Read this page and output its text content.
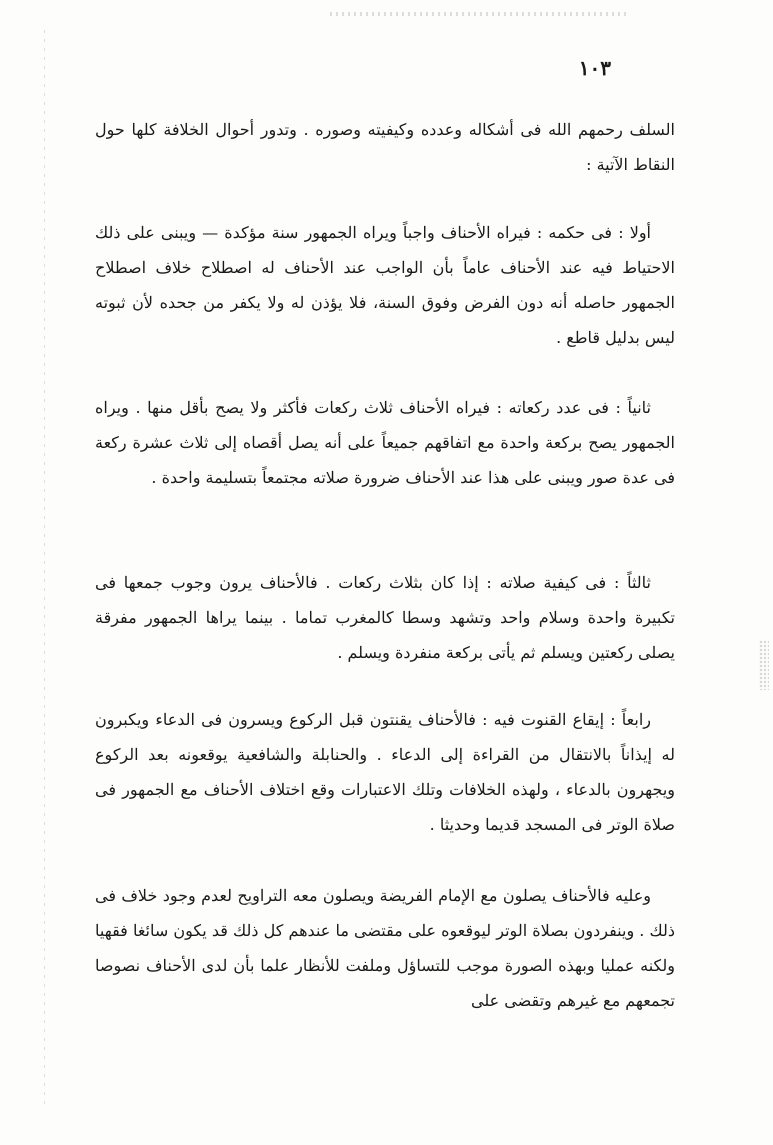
١٠٣

السلف رحمهم الله فى أشكاله وعدده وكيفيته وصوره . وتدور أحوال الخلافة كلها حول النقاط الآتية :

أولا : فى حكمه : فيراه الأحناف واجباً ويراه الجمهور سنة مؤكدة — ويبنى على ذلك الاحتياط فيه عند الأحناف عاماً بأن الواجب عند الأحناف له اصطلاح خلاف اصطلاح الجمهور حاصله أنه دون الفرض وفوق السنة، فلا يؤذن له ولا يكفر من جحده لأن ثبوته ليس بدليل قاطع .

ثانياً : فى عدد ركعاته : فيراه الأحناف ثلاث ركعات فأكثر ولا يصح بأقل منها . ويراه الجمهور يصح بركعة واحدة مع اتفاقهم جميعاً على أنه يصل أقصاه إلى ثلاث عشرة ركعة فى عدة صور ويبنى على هذا عند الأحناف ضرورة صلاته مجتمعاً بتسليمة واحدة .

ثالثاً : فى كيفية صلاته : إذا كان بثلاث ركعات . فالأحناف يرون وجوب جمعها فى تكبيرة واحدة وسلام واحد وتشهد وسطا كالمغرب تماما . بينما يراها الجمهور مفرقة يصلى ركعتين ويسلم ثم يأتى بركعة منفردة ويسلم .

رابعاً : إيقاع القنوت فيه : فالأحناف يقنتون قبل الركوع ويسرون فى الدعاء ويكبرون له إيذاناً بالانتقال من القراءة إلى الدعاء . والحنابلة والشافعية يوقعونه بعد الركوع ويجهرون بالدعاء ، ولهذه الخلافات وتلك الاعتبارات وقع اختلاف الأحناف مع الجمهور فى صلاة الوتر فى المسجد قديما وحديثا .

وعليه فالأحناف يصلون مع الإمام الفريضة ويصلون معه التراويح لعدم وجود خلاف فى ذلك . وينفردون بصلاة الوتر ليوقعوه على مقتضى ما عندهم كل ذلك قد يكون سائغا فقهيا ولكنه عمليا وبهذه الصورة موجب للتساؤل وملفت للأنظار علما بأن لدى الأحناف نصوصا تجمعهم مع غيرهم وتقضى على
